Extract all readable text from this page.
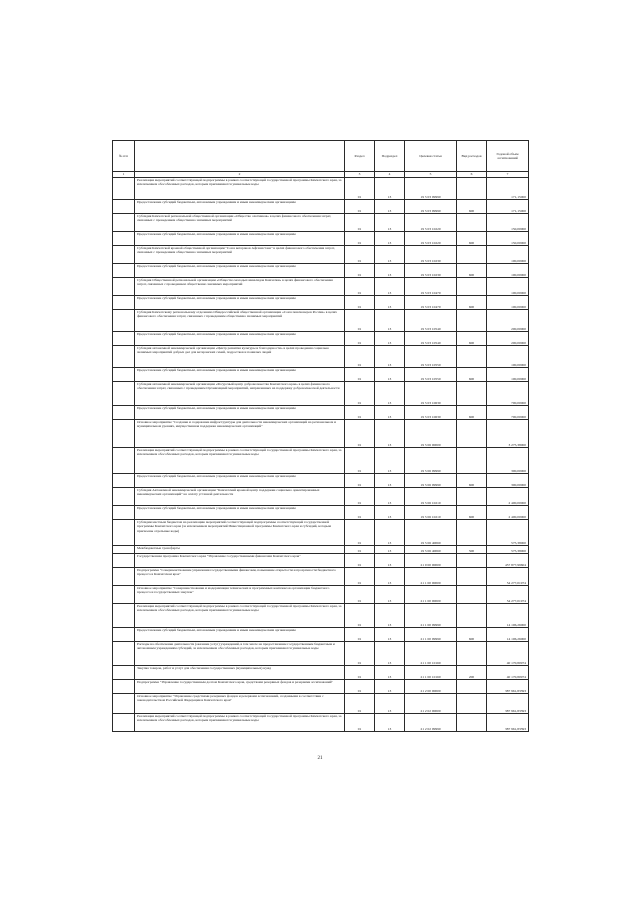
№ п/п		Раздел	Подраздел	Целевая статья	Вид расходов	Годовой объем ассигнований
1	2	3	4	5	6	7
	Реализация мероприятий соответствующей подпрограммы в рамках соответствующей государственной программы Камчатского края, за исключением обособленных расходов, которым присваиваются уникальные коды	01	13	19 5 03 09990		171,15000
	Предоставление субсидий бюджетным, автономным учреждениям и иным некоммерческим организациям	01	13	19 5 03 09990	600	171,15000
	Субсидия Камчатской региональной общественной организации «Общество охотников» в целях финансового обеспечения затрат, связанных с проведением общественно значимых мероприятий	01	13	19 5 03 10220		150,00000
	Предоставление субсидий бюджетным, автономным учреждениям и иным некоммерческим организациям	01	13	19 5 03 10220	600	150,00000
	Субсидия Камчатской краевой общественной организации "Союз ветеранов Афганистана" в целях финансового обеспечения затрат, связанных с проведением общественно значимых мероприятий	01	13	19 5 03 10230		100,00000
	Предоставление субсидий бюджетным, автономным учреждениям и иным некоммерческим организациям	01	13	19 5 03 10230	600	100,00000
	Субсидия Общественной региональной организации «Общество молодых инвалидов Камчатки» в целях финансового обеспечения затрат, связанных с проведением общественно значимых мероприятий	01	13	19 5 03 10470		100,00000
	Предоставление субсидий бюджетным, автономным учреждениям и иным некоммерческим организациям	01	13	19 5 03 10470	600	100,00000
	Субсидия Камчатскому региональному отделению Общероссийской общественной организации «Союз пенсионеров России» в целях финансового обеспечения затрат, связанных с проведением общественно значимых мероприятий	01	13	19 5 03 10540		200,00000
	Предоставление субсидий бюджетным, автономным учреждениям и иным некоммерческим организациям	01	13	19 5 03 10540	600	200,00000
	Субсидия автономной некоммерческой организации «Центр развития культуры и благодарности» в целях проведения социально значимых мероприятий добрых дел для ветеранских семей, подростков и пожилых людей	01	13	19 5 03 10550		100,00000
	Предоставление субсидий бюджетным, автономным учреждениям и иным некоммерческим организациям	01	13	19 5 03 10550	600	100,00000
	Субсидия автономной некоммерческой организации «Ресурсный центр добровольчества Камчатского края» в целях финансового обеспечения затрат, связанных с проведением Организацией мероприятий, направленных на поддержку добровольческой деятельности	01	13	19 5 03 10630		700,00000
	Предоставление субсидий бюджетным, автономным учреждениям и иным некоммерческим организациям	01	13	19 5 03 10630	600	700,00000
	Основное мероприятие "Создание и содержание инфраструктуры для деятельности некоммерческих организаций на региональном и муниципальном уровнях, имущественная поддержка некоммерческих организаций"	01	13	19 5 06 00000		3 275,38000
	Реализация мероприятий соответствующей подпрограммы в рамках соответствующей государственной программы Камчатского края, за исключением обособленных расходов, которым присваиваются уникальные коды	01	13	19 5 06 09990		300,00000
	Предоставление субсидий бюджетным, автономным учреждениям и иным некоммерческим организациям	01	13	19 5 06 09990	600	300,00000
	Субсидия Автономной некоммерческой организации "Камчатский краевой центр поддержки социально ориентированных некоммерческих организаций" на оплату уставной деятельности	01	13	19 5 06 10210		2 400,00000
	Предоставление субсидий бюджетным, автономным учреждениям и иным некоммерческим организациям	01	13	19 5 06 10210	600	2 400,00000
	Субсидии местным бюджетам на реализацию мероприятий соответствующей подпрограммы соответствующей государственной программы Камчатского края (за исключением мероприятий Инвестиционной программы Камчатского края и субсидий, которым присвоены отдельные коды)	01	13	19 5 06 40060		575,38000
	Межбюджетные трансферты	01	13	19 5 06 40060	500	575,38000
	Государственная программа Камчатского края "Управление государственными финансами Камчатского края"	01	13	21 0 00 00000		457 877,99604
	Подпрограмма "Совершенствование управления государственными финансами, повышение открытости и прозрачности бюджетного процесса в Камчатском крае"	01	13	21 1 00 00000		54 277,01974
	Основное мероприятие "Совершенствование и модернизация технических и программных комплексов организации бюджетного процесса и государственных закупок"	01	13	21 1 00 00000		54 277,01974
	Реализация мероприятий соответствующей подпрограммы в рамках соответствующей государственной программы Камчатского края, за исключением обособленных расходов, которым присваиваются уникальные коды	01	13	21 1 00 09990		14 106,26000
	Предоставление субсидий бюджетным, автономным учреждениям и иным некоммерческим организациям	01	13	21 1 00 09990	600	14 106,26000
	Расходы на обеспечение деятельности (оказание услуг) учреждений, в том числе на предоставление государственным бюджетным и автономным учреждениям субсидий, за исключением обособленных расходов, которым присваиваются уникальные коды	01	13	21 1 00 10160		40 170,80974
	Закупка товаров, работ и услуг для обеспечения государственных (муниципальных) нужд	01	13	21 1 00 10160	200	40 170,80974
	Подпрограмма "Управление государственным долгом Камчатского края, средствами резервных фондов и резервами ассигнований"	01	13	21 2 00 00000		387 961,83393
	Основное мероприятие "Управление средствами резервных фондов и резервами ассигнований, созданными в соответствии с законодательством Российской Федерации и Камчатского края"	01	13	21 2 02 00000		387 961,83393
	Реализация мероприятий соответствующей подпрограммы в рамках соответствующей государственной программы Камчатского края, за исключением обособленных расходов, которым присваиваются уникальные коды	01	13	21 2 02 09990		387 961,83393
21
